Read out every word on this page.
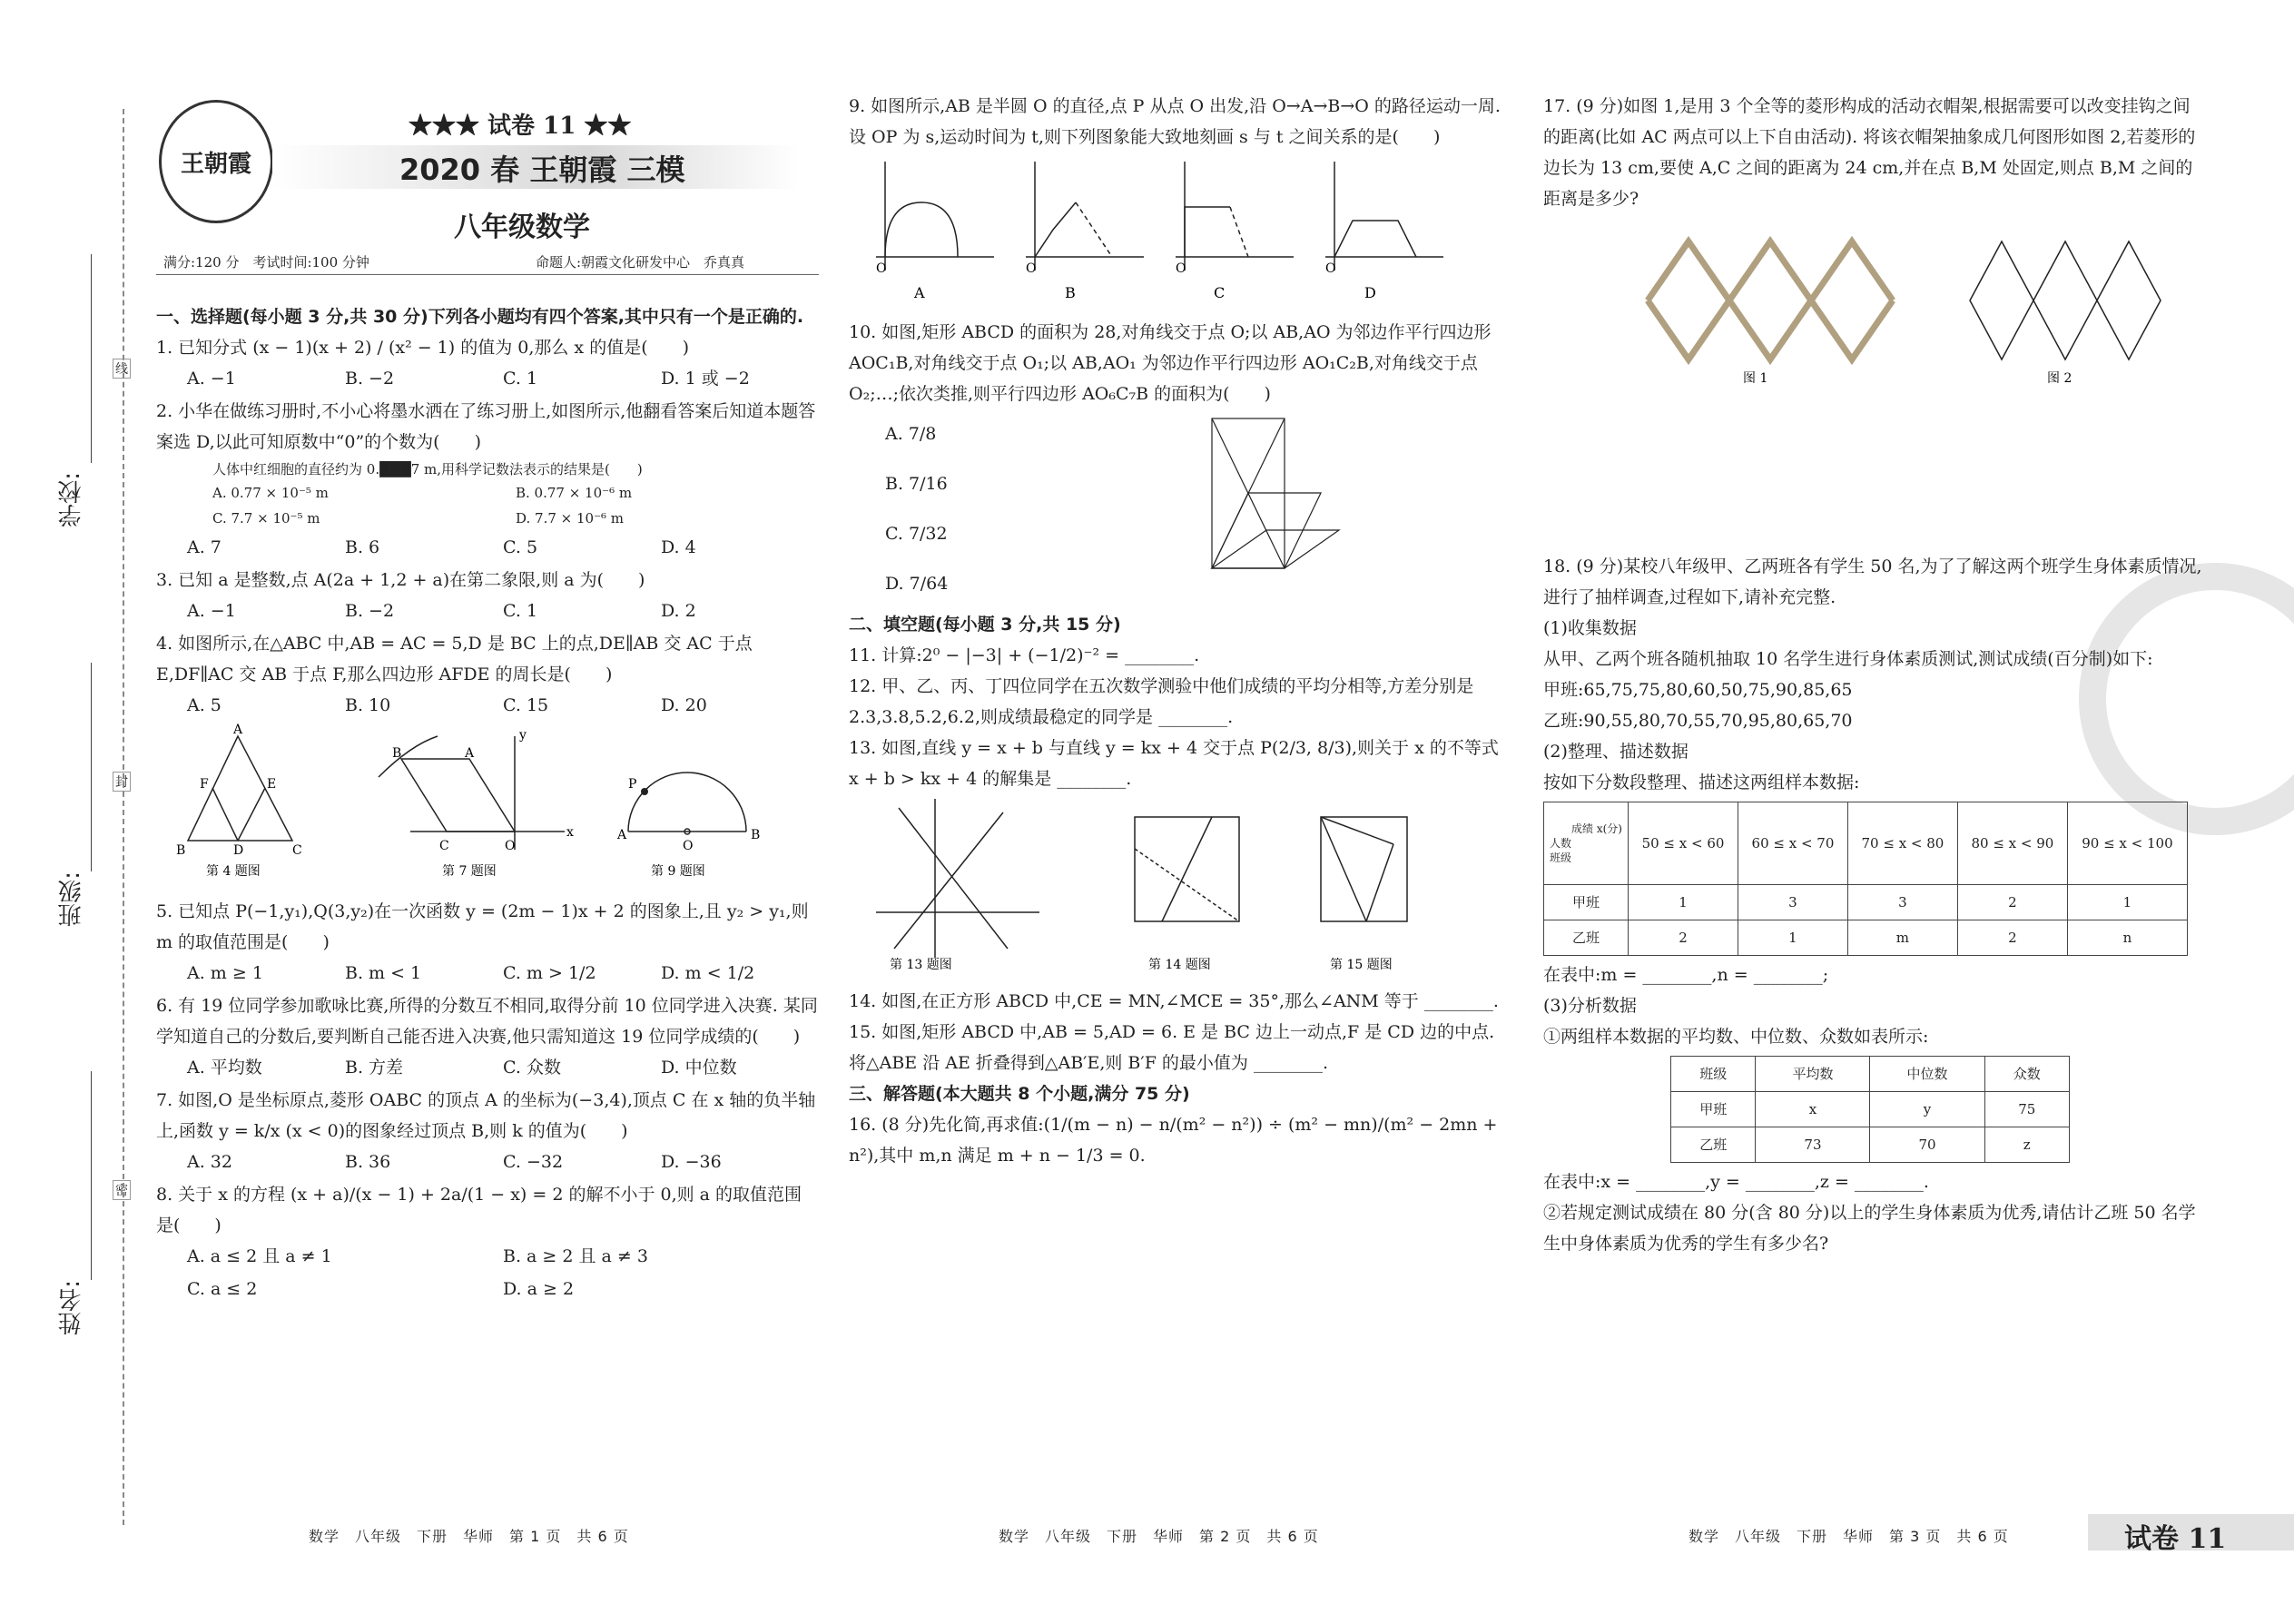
学校:
班级:
姓名:
线
封
密
王朝霞
★★★ 试卷 11 ★★
2020 春 王朝霞 三模
八年级数学
满分:120 分　考试时间:100 分钟	命题人:朝霞文化研发中心　乔真真

一、选择题(每小题 3 分,共 30 分)下列各小题均有四个答案,其中只有一个是正确的.

1. 已知分式 (x − 1)(x + 2) / (x² − 1) 的值为 0,那么 x 的值是(　　)

A. −1	B. −2	C. 1	D. 1 或 −2

2. 小华在做练习册时,不小心将墨水洒在了练习册上,如图所示,他翻看答案后知道本题答案选 D,以此可知原数中“0”的个数为(　　)

人体中红细胞的直径约为 0.███7 m,用科学记数法表示的结果是(　　)
A. 0.77 × 10⁻⁵ m	B. 0.77 × 10⁻⁶ m
C. 7.7 × 10⁻⁵ m	D. 7.7 × 10⁻⁶ m
A. 7	B. 6	C. 5	D. 4

3. 已知 a 是整数,点 A(2a + 1,2 + a)在第二象限,则 a 为(　　)

A. −1	B. −2	C. 1	D. 2

4. 如图所示,在△ABC 中,AB = AC = 5,D 是 BC 上的点,DE∥AB 交 AC 于点 E,DF∥AC 交 AB 于点 F,那么四边形 AFDE 的周长是(　　)

A. 5	B. 10	C. 15	D. 20
A
B	C
D
F	E
B	A
C	O
x
y
P
A	B
O
第 4 题图	第 7 题图	第 9 题图

5. 已知点 P(−1,y₁),Q(3,y₂)在一次函数 y = (2m − 1)x + 2 的图象上,且 y₂ > y₁,则 m 的取值范围是(　　)

A. m ≥ 1	B. m < 1	C. m > 1/2	D. m < 1/2

6. 有 19 位同学参加歌咏比赛,所得的分数互不相同,取得分前 10 位同学进入决赛. 某同学知道自己的分数后,要判断自己能否进入决赛,他只需知道这 19 位同学成绩的(　　)

A. 平均数	B. 方差	C. 众数	D. 中位数

7. 如图,O 是坐标原点,菱形 OABC 的顶点 A 的坐标为(−3,4),顶点 C 在 x 轴的负半轴上,函数 y = k/x (x < 0)的图象经过顶点 B,则 k 的值为(　　)

A. 32	B. 36	C. −32	D. −36

8. 关于 x 的方程 (x + a)/(x − 1) + 2a/(1 − x) = 2 的解不小于 0,则 a 的取值范围是(　　)

A. a ≤ 2 且 a ≠ 1	B. a ≥ 2 且 a ≠ 3
C. a ≤ 2	D. a ≥ 2

9. 如图所示,AB 是半圆 O 的直径,点 P 从点 O 出发,沿 O→A→B→O 的路径运动一周. 设 OP 为 s,运动时间为 t,则下列图象能大致地刻画 s 与 t 之间关系的是(　　)

O	O	O	O
A	B	C	D

10. 如图,矩形 ABCD 的面积为 28,对角线交于点 O;以 AB,AO 为邻边作平行四边形 AOC₁B,对角线交于点 O₁;以 AB,AO₁ 为邻边作平行四边形 AO₁C₂B,对角线交于点 O₂;…;依次类推,则平行四边形 AO₆C₇B 的面积为(　　)

A. 7/8
B. 7/16
C. 7/32
D. 7/64

二、填空题(每小题 3 分,共 15 分)

11. 计算:2⁰ − |−3| + (−1/2)⁻² = ________.

12. 甲、乙、丙、丁四位同学在五次数学测验中他们成绩的平均分相等,方差分别是 2.3,3.8,5.2,6.2,则成绩最稳定的同学是 ________.

13. 如图,直线 y = x + b 与直线 y = kx + 4 交于点 P(2/3, 8/3),则关于 x 的不等式 x + b > kx + 4 的解集是 ________.

第 13 题图	第 14 题图	第 15 题图

14. 如图,在正方形 ABCD 中,CE = MN,∠MCE = 35°,那么∠ANM 等于 ________.

15. 如图,矩形 ABCD 中,AB = 5,AD = 6. E 是 BC 边上一动点,F 是 CD 边的中点. 将△ABE 沿 AE 折叠得到△AB′E,则 B′F 的最小值为 ________.

三、解答题(本大题共 8 个小题,满分 75 分)

16. (8 分)先化简,再求值:(1/(m − n) − n/(m² − n²)) ÷ (m² − mn)/(m² − 2mn + n²),其中 m,n 满足 m + n − 1/3 = 0.

17. (9 分)如图 1,是用 3 个全等的菱形构成的活动衣帽架,根据需要可以改变挂钩之间的距离(比如 AC 两点可以上下自由活动). 将该衣帽架抽象成几何图形如图 2,若菱形的边长为 13 cm,要使 A,C 之间的距离为 24 cm,并在点 B,M 处固定,则点 B,M 之间的距离是多少?

图 1	图 2

18. (9 分)某校八年级甲、乙两班各有学生 50 名,为了了解这两个班学生身体素质情况,进行了抽样调查,过程如下,请补充完整.

(1)收集数据

从甲、乙两个班各随机抽取 10 名学生进行身体素质测试,测试成绩(百分制)如下:

甲班:65,75,75,80,60,50,75,90,85,65

乙班:90,55,80,70,55,70,95,80,65,70

(2)整理、描述数据

按如下分数段整理、描述这两组样本数据:

成绩 x(分)
人数
班级	50 ≤ x < 60	60 ≤ x < 70	70 ≤ x < 80	80 ≤ x < 90	90 ≤ x < 100
甲班	1	3	3	2	1
乙班	2	1	m	2	n

在表中:m = ________,n = ________;

(3)分析数据

①两组样本数据的平均数、中位数、众数如表所示:

班级	平均数	中位数	众数
甲班	x	y	75
乙班	73	70	z

在表中:x = ________,y = ________,z = ________.

②若规定测试成绩在 80 分(含 80 分)以上的学生身体素质为优秀,请估计乙班 50 名学生中身体素质为优秀的学生有多少名?

数学　八年级　下册　华师　第 1 页　共 6 页	数学　八年级　下册　华师　第 2 页　共 6 页	数学　八年级　下册　华师　第 3 页　共 6 页	试卷 11
